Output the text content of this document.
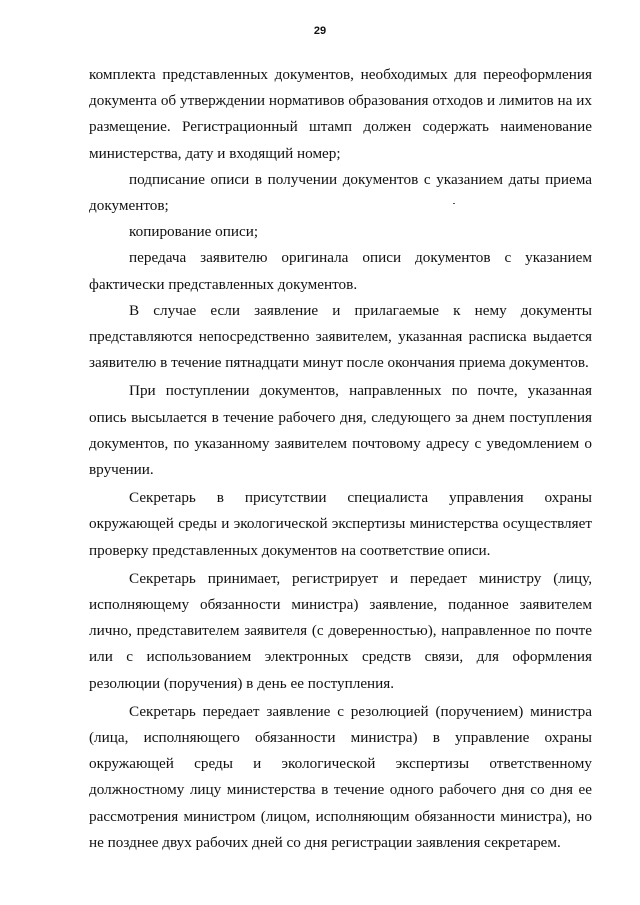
29

комплекта представленных документов, необходимых для переоформления документа об утверждении нормативов образования отходов и лимитов на их размещение. Регистрационный штамп должен содержать наименование министерства, дату и входящий номер;

подписание описи в получении документов с указанием даты приема документов;

копирование описи;

передача заявителю оригинала описи документов с указанием фактически представленных документов.

В случае если заявление и прилагаемые к нему документы представляются непосредственно заявителем, указанная расписка выдается заявителю в течение пятнадцати минут после окончания приема документов.

При поступлении документов, направленных по почте, указанная опись высылается в течение рабочего дня, следующего за днем поступления документов, по указанному заявителем почтовому адресу с уведомлением о вручении.

Секретарь в присутствии специалиста управления охраны окружающей среды и экологической экспертизы министерства осуществляет проверку представленных документов на соответствие описи.

Секретарь принимает, регистрирует и передает министру (лицу, исполняющему обязанности министра) заявление, поданное заявителем лично, представителем заявителя (с доверенностью), направленное по почте или с использованием электронных средств связи, для оформления резолюции (поручения) в день ее поступления.

Секретарь передает заявление с резолюцией (поручением) министра (лица, исполняющего обязанности министра) в управление охраны окружающей среды и экологической экспертизы ответственному должностному лицу министерства в течение одного рабочего дня со дня ее рассмотрения министром (лицом, исполняющим обязанности министра), но не позднее двух рабочих дней со дня регистрации заявления секретарем.
